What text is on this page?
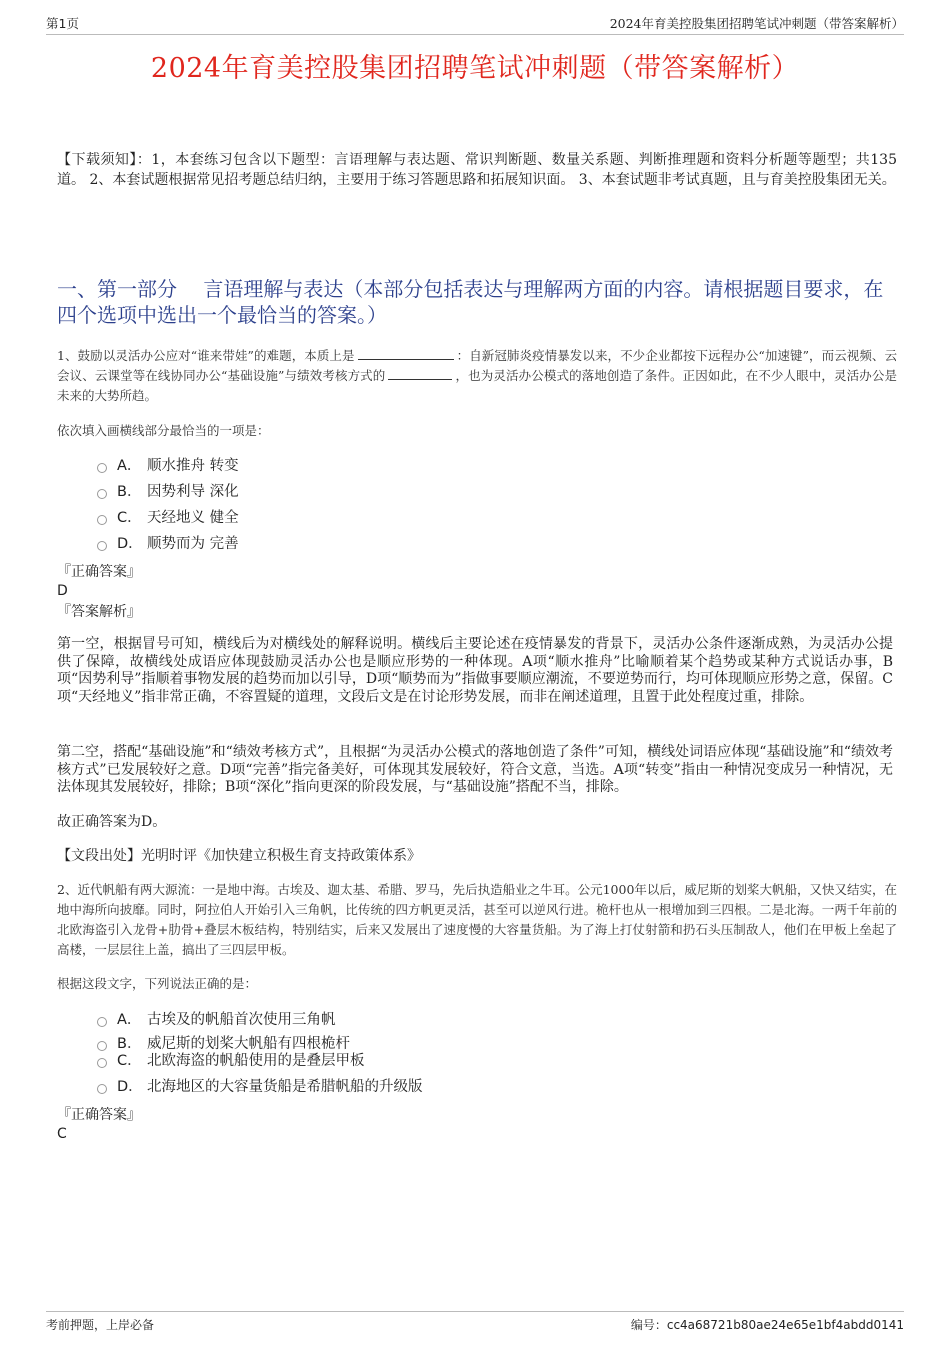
第1页	2024年育美控股集团招聘笔试冲刺题（带答案解析）
2024年育美控股集团招聘笔试冲刺题（带答案解析）
【下载须知】：1，本套练习包含以下题型：言语理解与表达题、常识判断题、数量关系题、判断推理题和资料分析题等题型；共135道。 2、本套试题根据常见招考题总结归纳，主要用于练习答题思路和拓展知识面。 3、本套试题非考试真题，且与育美控股集团无关。
一、第一部分　 言语理解与表达（本部分包括表达与理解两方面的内容。请根据题目要求，在四个选项中选出一个最恰当的答案。）
1、鼓励以灵活办公应对“谁来带娃”的难题，本质上是	：自新冠肺炎疫情暴发以来，不少企业都按下远程办公“加速键”，而云视频、云会议、云课堂等在线协同办公“基础设施”与绩效考核方式的	，也为灵活办公模式的落地创造了条件。正因如此，在不少人眼中，灵活办公是未来的大势所趋。
依次填入画横线部分最恰当的一项是：
A． 顺水推舟 转变
B． 因势利导 深化
C． 天经地义 健全
D． 顺势而为 完善
『正确答案』
D
『答案解析』
第一空，根据冒号可知，横线后为对横线处的解释说明。横线后主要论述在疫情暴发的背景下，灵活办公条件逐渐成熟，为灵活办公提供了保障，故横线处成语应体现鼓励灵活办公也是顺应形势的一种体现。A项“顺水推舟”比喻顺着某个趋势或某种方式说话办事，B项“因势利导”指顺着事物发展的趋势而加以引导，D项“顺势而为”指做事要顺应潮流，不要逆势而行，均可体现顺应形势之意，保留。C项“天经地义”指非常正确，不容置疑的道理，文段后文是在讨论形势发展，而非在阐述道理，且置于此处程度过重，排除。
第二空，搭配“基础设施”和“绩效考核方式”，且根据“为灵活办公模式的落地创造了条件”可知，横线处词语应体现“基础设施”和“绩效考核方式”已发展较好之意。D项“完善”指完备美好，可体现其发展较好，符合文意，当选。A项“转变”指由一种情况变成另一种情况，无法体现其发展较好，排除；B项“深化”指向更深的阶段发展，与“基础设施”搭配不当，排除。
故正确答案为D。
【文段出处】光明时评《加快建立积极生育支持政策体系》
2、近代帆船有两大源流：一是地中海。古埃及、迦太基、希腊、罗马，先后执造船业之牛耳。公元1000年以后，威尼斯的划桨大帆船，又快又结实，在地中海所向披靡。同时，阿拉伯人开始引入三角帆，比传统的四方帆更灵活，甚至可以逆风行进。桅杆也从一根增加到三四根。二是北海。一两千年前的北欧海盗引入龙骨+肋骨+叠层木板结构，特别结实，后来又发展出了速度慢的大容量货船。为了海上打仗射箭和扔石头压制敌人，他们在甲板上垒起了高楼，一层层往上盖，搞出了三四层甲板。
根据这段文字，下列说法正确的是：
A． 古埃及的帆船首次使用三角帆
B． 威尼斯的划桨大帆船有四根桅杆
C． 北欧海盗的帆船使用的是叠层甲板
D． 北海地区的大容量货船是希腊帆船的升级版
『正确答案』
C
考前押题，上岸必备	编号：cc4a68721b80ae24e65e1bf4abdd0141
